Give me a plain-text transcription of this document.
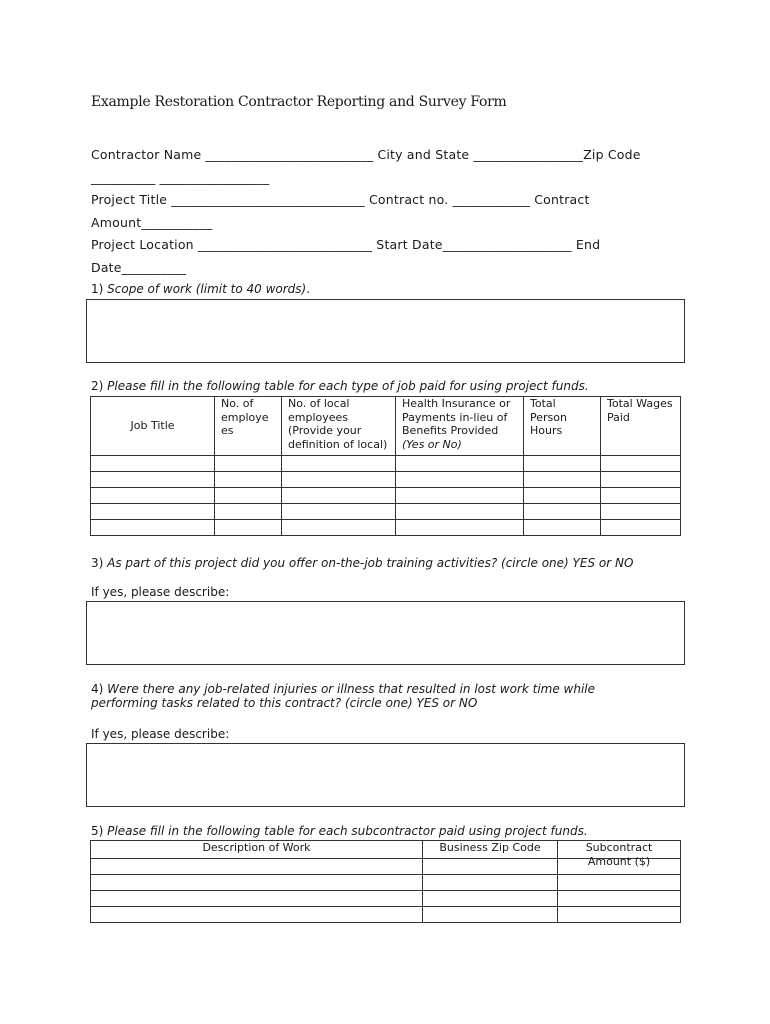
Example Restoration Contractor Reporting and Survey Form
Contractor Name __________________________ City and State _________________Zip Code
__________ _________________
Project Title ______________________________ Contract no. ____________ Contract
Amount___________
Project Location ___________________________ Start Date____________________ End
Date__________
1) Scope of work (limit to 40 words).
2) Please fill in the following table for each type of job paid for using project funds.
Job Title	No. of employe es	No. of local employees (Provide your definition of local)	Health Insurance or Payments in-lieu of Benefits Provided (Yes or No)	Total Person Hours	Total Wages Paid

3) As part of this project did you offer on-the-job training activities? (circle one) YES or NO
If yes, please describe:
4) Were there any job-related injuries or illness that resulted in lost work time while
performing tasks related to this contract? (circle one) YES or NO
If yes, please describe:
5) Please fill in the following table for each subcontractor paid using project funds.
Description of Work	Business Zip Code	Subcontract Amount ($)
